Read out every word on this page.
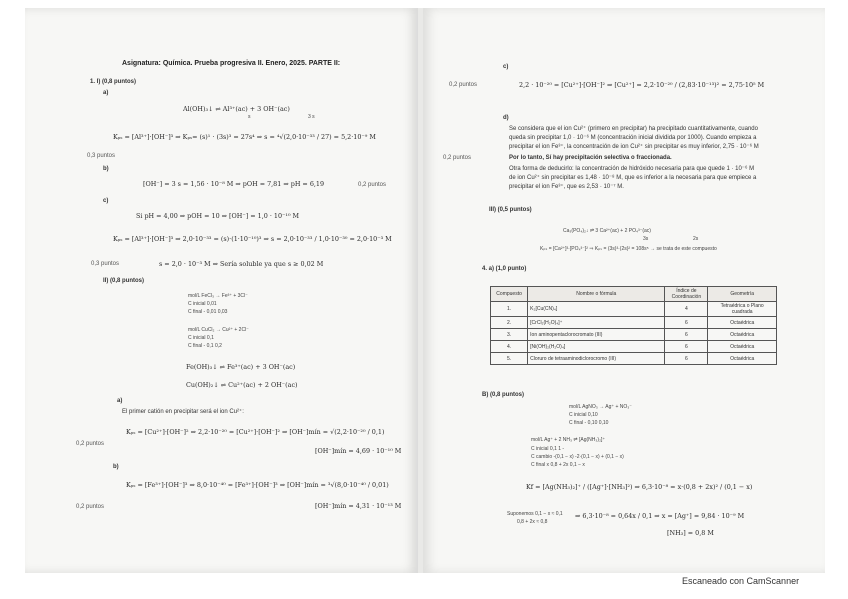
Asignatura: Química. Prueba progresiva II. Enero, 2025. PARTE II:
1. I) (0,8 puntos)
a)
Al(OH)₃↓ ⇌ Al³⁺(ac) + 3 OH⁻(ac)
s	3 s
Kₚₛ = [Al³⁺]·[OH⁻]³ ⇒ Kₚₛ= (s)¹ · (3s)³ = 27s⁴ ⇒ s = ⁴√(2,0·10⁻³³ / 27) = 5,2·10⁻⁹ M
0,3 puntos
b)
[OH⁻] = 3 s = 1,56 · 10⁻⁸ M ⇒ pOH = 7,81 ⇒ pH = 6,19	0,2 puntos
c)
Si pH = 4,00 ⇒ pOH = 10 ⇒ [OH⁻] = 1,0 · 10⁻¹⁰ M
Kₚₛ = [Al³⁺]·[OH⁻]³ ⇒ 2,0·10⁻³³ = (s)·(1·10⁻¹⁰)³ ⇒ s = 2,0·10⁻³³ / 1,0·10⁻³⁰ = 2,0·10⁻³ M
0,3 puntos	s = 2,0 · 10⁻³ M ⇒ Sería soluble ya que s ≥ 0,02 M
II) (0,8 puntos)
mol/L FeCl₃ → Fe³⁺ + 3Cl⁻
C inicial 0,01
C final - 0,01 0,03
mol/L CuCl₂ → Cu²⁺ + 2Cl⁻
C inicial 0,1
C final - 0,1 0,2
Fe(OH)₃↓ ⇌ Fe³⁺(ac) + 3 OH⁻(ac)
Cu(OH)₂↓ ⇌ Cu²⁺(ac) + 2 OH⁻(ac)
a)
El primer catión en precipitar será el ion Cu²⁺:
Kₚₛ = [Cu²⁺]·[OH⁻]² ⇒ 2,2·10⁻²⁰ = [Cu²⁺]·[OH⁻]² ⇒ [OH⁻]mín = √(2,2·10⁻²⁰ / 0,1)
0,2 puntos
[OH⁻]mín = 4,69 · 10⁻¹⁰ M
b)
Kₚₛ = [Fe³⁺]·[OH⁻]³ ⇒ 8,0·10⁻⁴⁰ = [Fe³⁺]·[OH⁻]³ ⇒ [OH⁻]mín = ³√(8,0·10⁻⁴⁰ / 0,01)
0,2 puntos	[OH⁻]mín = 4,31 · 10⁻¹³ M
c)
0,2 puntos	2,2 · 10⁻²⁰ = [Cu²⁺]·[OH⁻]² ⇒ [Cu²⁺] = 2,2·10⁻²⁰ / (2,83·10⁻¹³)² = 2,75·10⁵ M
d)
Se considera que el ion Cu²⁺ (primero en precipitar) ha precipitado cuantitativamente, cuando
queda sin precipitar 1,0 · 10⁻⁶ M (concentración inicial dividida por 1000). Cuando empieza a
precipitar el ion Fe³⁺, la concentración de ion Cu²⁺ sin precipitar es muy inferior, 2,75 · 10⁻⁶ M
0,2 puntos	Por lo tanto, Sí hay precipitación selectiva o fraccionada.
Otra forma de deducirlo: la concentración de hidróxido necesaria para que quede 1 · 10⁻⁶ M
de ion Cu²⁺ sin precipitar es 1,48 · 10⁻⁸ M, que es inferior a la necesaria para que empiece a
precipitar el ion Fe³⁺, que es 2,53 · 10⁻⁷ M.
III) (0,5 puntos)
Ca₃(PO₄)₂↓ ⇌ 3 Ca²⁺(ac) + 2 PO₄³⁻(ac)
3s	2s
Kₚₛ = [Ca²⁺]³·[PO₄³⁻]² ⇒ Kₚₛ = (3s)³·(2s)² = 108s⁵ → se trata de este compuesto
4. a) (1,0 punto)
Compuesto	Nombre o fórmula	Índice de Coordinación	Geometría
1.	K₂[Cu(CN)₄]	4	Tetraédrica o Plano cuadrada
2.	[CrCl₂(H₂O)₄]⁺	6	Octaédrica
3.	Ion aminopentaclorocromato (III)	6	Octaédrica
4.	[Ni(OH)₂(H₂O)₄]	6	Octaédrica
5.	Cloruro de tetraaminodiclorocromo (III)	6	Octaédrica
B) (0,8 puntos)
mol/L AgNO₃ → Ag⁺ + NO₃⁻
C inicial 0,10
C final - 0,10 0,10
mol/L Ag⁺ + 2 NH₃ ⇌ [Ag(NH₃)₂]⁺
C inicial 0,1 1 -
C cambio -(0,1 − x) -2·(0,1 − x) + (0,1 − x)
C final x 0,8 + 2x 0,1 − x
Kf = [Ag(NH₃)₂]⁺ / ([Ag⁺]·[NH₃]²) ⇒ 6,3·10⁻⁸ = x·(0,8 + 2x)² / (0,1 − x)
Suponemos 0,1 − x ≈ 0,1
0,8 + 2x ≈ 0,8
⇒ 6,3·10⁻⁸ = 0,64x / 0,1 ⇒ x = [Ag⁺] = 9,84 · 10⁻⁹ M
[NH₃] = 0,8 M
Escaneado con CamScanner
